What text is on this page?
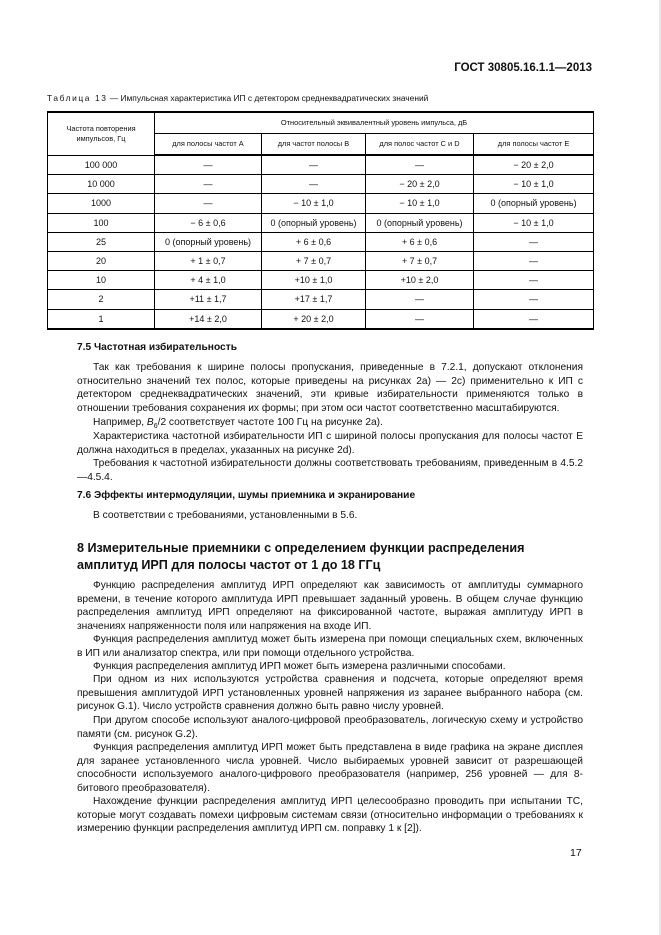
ГОСТ 30805.16.1.1—2013
Таблица 13 — Импульсная характеристика ИП с детектором среднеквадратических значений
Частота повторения импульсов, Гц	Относительный эквивалентный уровень импульса, дБ			
	для полосы частот А	для частот полосы В	для полос частот С и D	для полосы частот Е
100 000	—	—	—	− 20 ± 2,0
10 000	—	—	− 20 ± 2,0	− 10 ± 1,0
1000	—	− 10 ± 1,0	− 10 ± 1,0	0 (опорный уровень)
100	− 6 ± 0,6	0 (опорный уровень)	0 (опорный уровень)	− 10 ± 1,0
25	0 (опорный уровень)	+ 6 ± 0,6	+ 6 ± 0,6	—
20	+ 1 ± 0,7	+ 7 ± 0,7	+ 7 ± 0,7	—
10	+ 4 ± 1,0	+10 ± 1,0	+10 ± 2,0	—
2	+11 ± 1,7	+17 ± 1,7	—	—
1	+14 ± 2,0	+ 20 ± 2,0	—	—
7.5 Частотная избирательность
Так как требования к ширине полосы пропускания, приведенные в 7.2.1, допускают отклонения относительно значений тех полос, которые приведены на рисунках 2a) — 2c) применительно к ИП с детектором среднеквадратических значений, эти кривые избирательности применяются только в отношении требования сохранения их формы; при этом оси частот соответственно масштабируются.
Например, $B_6/2$ соответствует частоте 100 Гц на рисунке 2a).
Характеристика частотной избирательности ИП с шириной полосы пропускания для полосы частот E должна находиться в пределах, указанных на рисунке 2d).
Требования к частотной избирательности должны соответствовать требованиям, приведенным в 4.5.2—4.5.4.
7.6 Эффекты интермодуляции, шумы приемника и экранирование
В соответствии с требованиями, установленными в 5.6.
8 Измерительные приемники с определением функции распределения амплитуд ИРП для полосы частот от 1 до 18 ГГц
Функцию распределения амплитуд ИРП определяют как зависимость от амплитуды суммарного времени, в течение которого амплитуда ИРП превышает заданный уровень. В общем случае функцию распределения амплитуд ИРП определяют на фиксированной частоте, выражая амплитуду ИРП в значениях напряженности поля или напряжения на входе ИП.
Функция распределения амплитуд может быть измерена при помощи специальных схем, включенных в ИП или анализатор спектра, или при помощи отдельного устройства.
Функция распределения амплитуд ИРП может быть измерена различными способами.
При одном из них используются устройства сравнения и подсчета, которые определяют время превышения амплитудой ИРП установленных уровней напряжения из заранее выбранного набора (см. рисунок G.1). Число устройств сравнения должно быть равно числу уровней.
При другом способе используют аналого-цифровой преобразователь, логическую схему и устройство памяти (см. рисунок G.2).
Функция распределения амплитуд ИРП может быть представлена в виде графика на экране дисплея для заранее установленного числа уровней. Число выбираемых уровней зависит от разрешающей способности используемого аналого-цифрового преобразователя (например, 256 уровней — для 8-битового преобразователя).
Нахождение функции распределения амплитуд ИРП целесообразно проводить при испытании ТС, которые могут создавать помехи цифровым системам связи (относительно информации о требованиях к измерению функции распределения амплитуд ИРП см. поправку 1 к [2]).
17
